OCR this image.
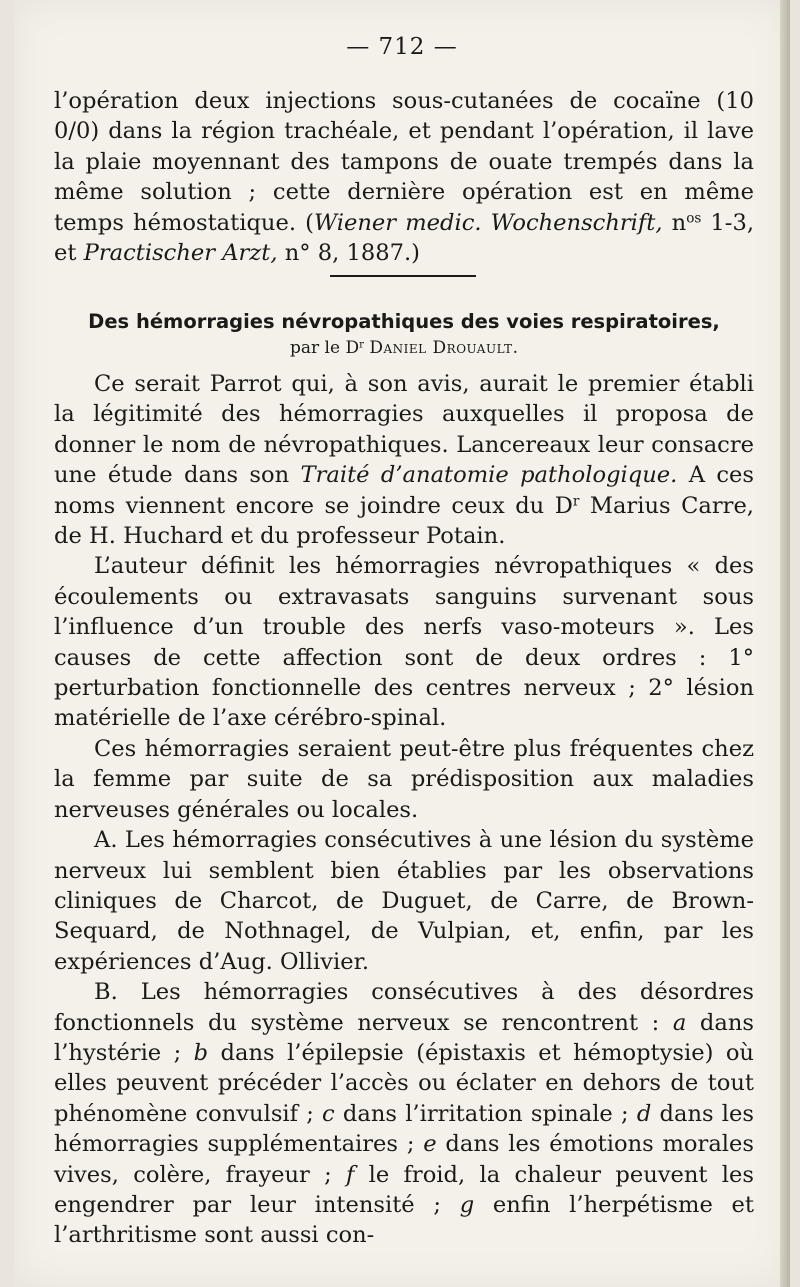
— 712 —

l’opération deux injections sous-cutanées de cocaïne (10 0/0) dans la région trachéale, et pendant l’opération, il lave la plaie moyennant des tampons de ouate trempés dans la même solution ; cette dernière opération est en même temps hémostatique. (Wiener medic. Wochenschrift, $n^{os}$ 1-3, et Practischer Arzt, n° 8, 1887.)

Des hémorragies névropathiques des voies respiratoires,
par le $D^r$ Daniel Drouault.

Ce serait Parrot qui, à son avis, aurait le premier établi la légitimité des hémorragies auxquelles il proposa de donner le nom de névropathiques. Lancereaux leur consacre une étude dans son Traité d’anatomie pathologique. A ces noms viennent encore se joindre ceux du $D^r$ Marius Carre, de H. Huchard et du professeur Potain.

L’auteur définit les hémorragies névropathiques « des écoulements ou extravasats sanguins survenant sous l’influence d’un trouble des nerfs vaso-moteurs ». Les causes de cette affection sont de deux ordres : 1° perturbation fonctionnelle des centres nerveux ; 2° lésion matérielle de l’axe cérébro-spinal.

Ces hémorragies seraient peut-être plus fréquentes chez la femme par suite de sa prédisposition aux maladies nerveuses générales ou locales.

A. Les hémorragies consécutives à une lésion du système nerveux lui semblent bien établies par les observations cliniques de Charcot, de Duguet, de Carre, de Brown-Sequard, de Nothnagel, de Vulpian, et, enfin, par les expériences d’Aug. Ollivier.

B. Les hémorragies consécutives à des désordres fonctionnels du système nerveux se rencontrent : a dans l’hystérie ; b dans l’épilepsie (épistaxis et hémoptysie) où elles peuvent précéder l’accès ou éclater en dehors de tout phénomène convulsif ; c dans l’irritation spinale ; d dans les hémorragies supplémentaires ; e dans les émotions morales vives, colère, frayeur ; f le froid, la chaleur peuvent les engendrer par leur intensité ; g enfin l’herpétisme et l’arthritisme sont aussi con-
